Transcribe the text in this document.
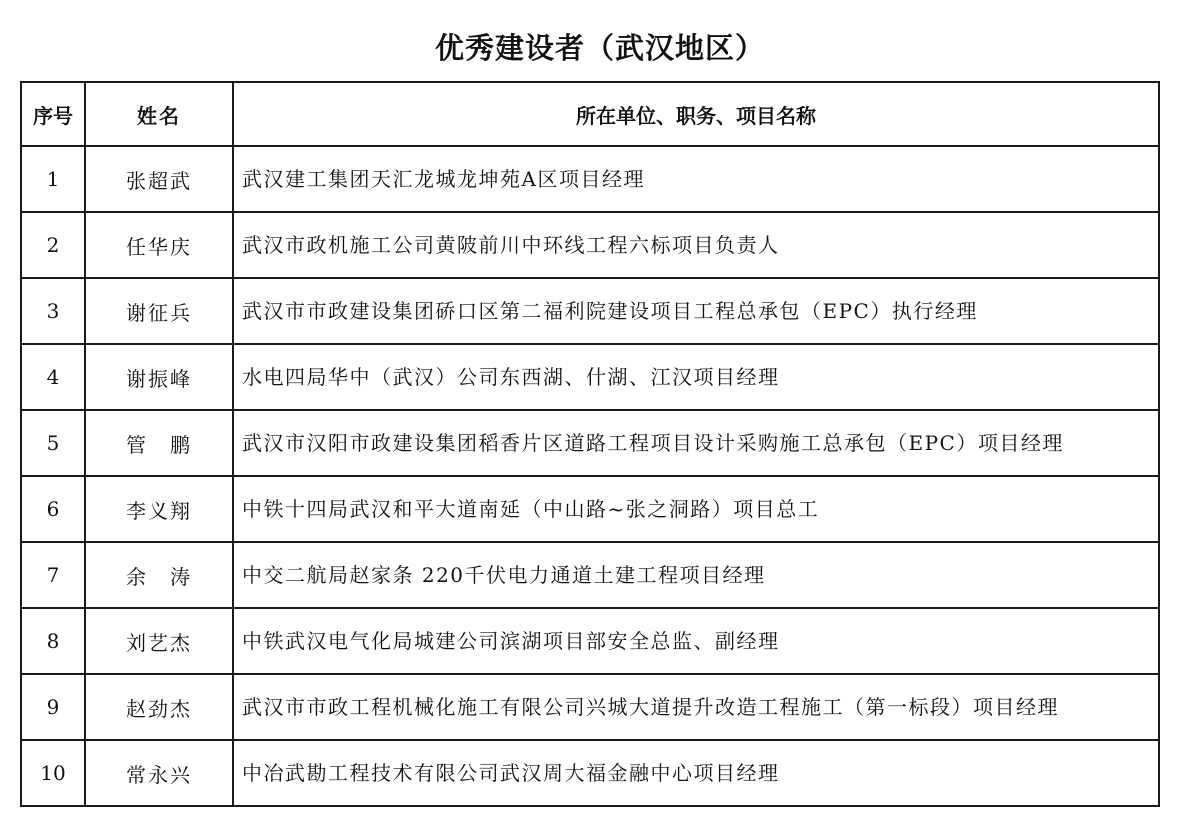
优秀建设者（武汉地区）
序号	姓名	所在单位、职务、项目名称
1	张超武	武汉建工集团天汇龙城龙坤苑A区项目经理

2	任华庆	武汉市政机施工公司黄陂前川中环线工程六标项目负责人

3	谢征兵	武汉市市政建设集团硚口区第二福利院建设项目工程总承包（EPC）执行经理

4	谢振峰	水电四局华中（武汉）公司东西湖、什湖、江汉项目经理

5	管　鹏	武汉市汉阳市政建设集团稻香片区道路工程项目设计采购施工总承包（EPC）项目经理

6	李义翔	中铁十四局武汉和平大道南延（中山路~张之洞路）项目总工

7	余　涛	中交二航局赵家条 220千伏电力通道土建工程项目经理

8	刘艺杰	中铁武汉电气化局城建公司滨湖项目部安全总监、副经理

9	赵劲杰	武汉市市政工程机械化施工有限公司兴城大道提升改造工程施工（第一标段）项目经理

10	常永兴	中冶武勘工程技术有限公司武汉周大福金融中心项目经理
